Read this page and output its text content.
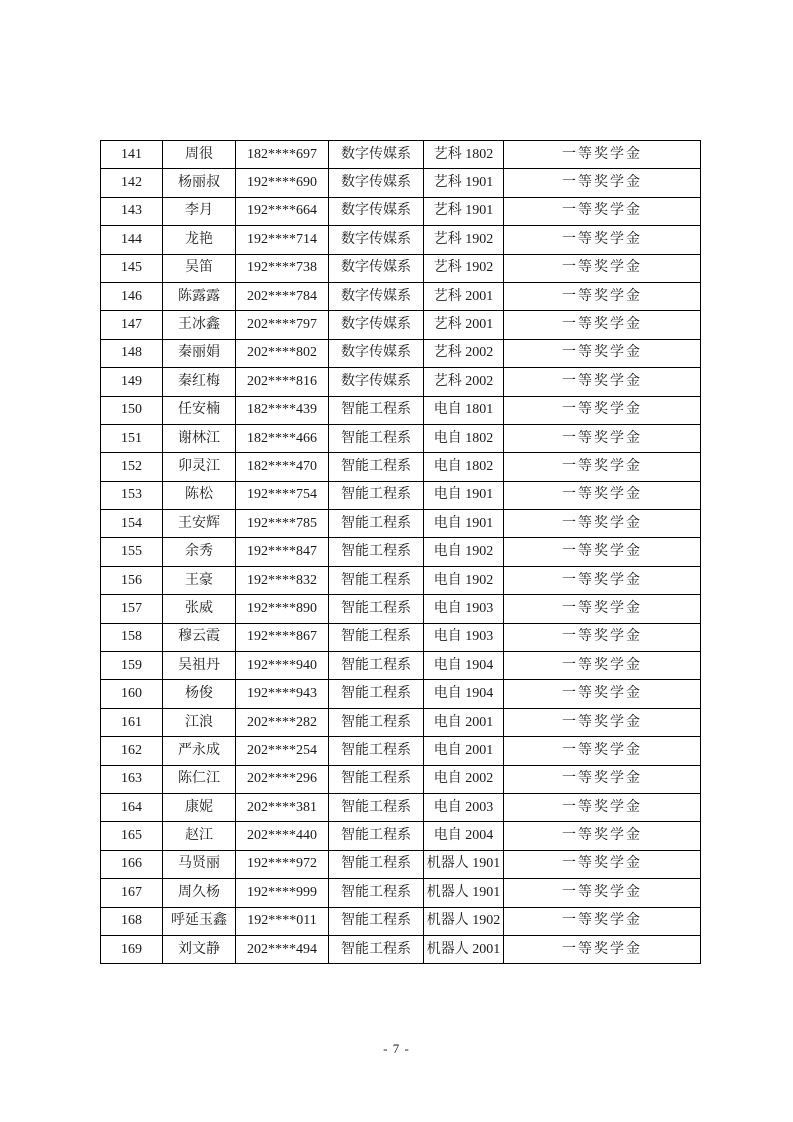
141	周很	182****697	数字传媒系	艺科 1802	一等奖学金
142	杨丽叔	192****690	数字传媒系	艺科 1901	一等奖学金
143	李月	192****664	数字传媒系	艺科 1901	一等奖学金
144	龙艳	192****714	数字传媒系	艺科 1902	一等奖学金
145	吴笛	192****738	数字传媒系	艺科 1902	一等奖学金
146	陈露露	202****784	数字传媒系	艺科 2001	一等奖学金
147	王冰鑫	202****797	数字传媒系	艺科 2001	一等奖学金
148	秦丽娟	202****802	数字传媒系	艺科 2002	一等奖学金
149	秦红梅	202****816	数字传媒系	艺科 2002	一等奖学金
150	任安楠	182****439	智能工程系	电自 1801	一等奖学金
151	谢林江	182****466	智能工程系	电自 1802	一等奖学金
152	卯灵江	182****470	智能工程系	电自 1802	一等奖学金
153	陈松	192****754	智能工程系	电自 1901	一等奖学金
154	王安辉	192****785	智能工程系	电自 1901	一等奖学金
155	余秀	192****847	智能工程系	电自 1902	一等奖学金
156	王豪	192****832	智能工程系	电自 1902	一等奖学金
157	张威	192****890	智能工程系	电自 1903	一等奖学金
158	穆云霞	192****867	智能工程系	电自 1903	一等奖学金
159	吴祖丹	192****940	智能工程系	电自 1904	一等奖学金
160	杨俊	192****943	智能工程系	电自 1904	一等奖学金
161	江浪	202****282	智能工程系	电自 2001	一等奖学金
162	严永成	202****254	智能工程系	电自 2001	一等奖学金
163	陈仁江	202****296	智能工程系	电自 2002	一等奖学金
164	康妮	202****381	智能工程系	电自 2003	一等奖学金
165	赵江	202****440	智能工程系	电自 2004	一等奖学金
166	马贤丽	192****972	智能工程系	机器人 1901	一等奖学金
167	周久杨	192****999	智能工程系	机器人 1901	一等奖学金
168	呼延玉鑫	192****011	智能工程系	机器人 1902	一等奖学金
169	刘文静	202****494	智能工程系	机器人 2001	一等奖学金
- 7 -
